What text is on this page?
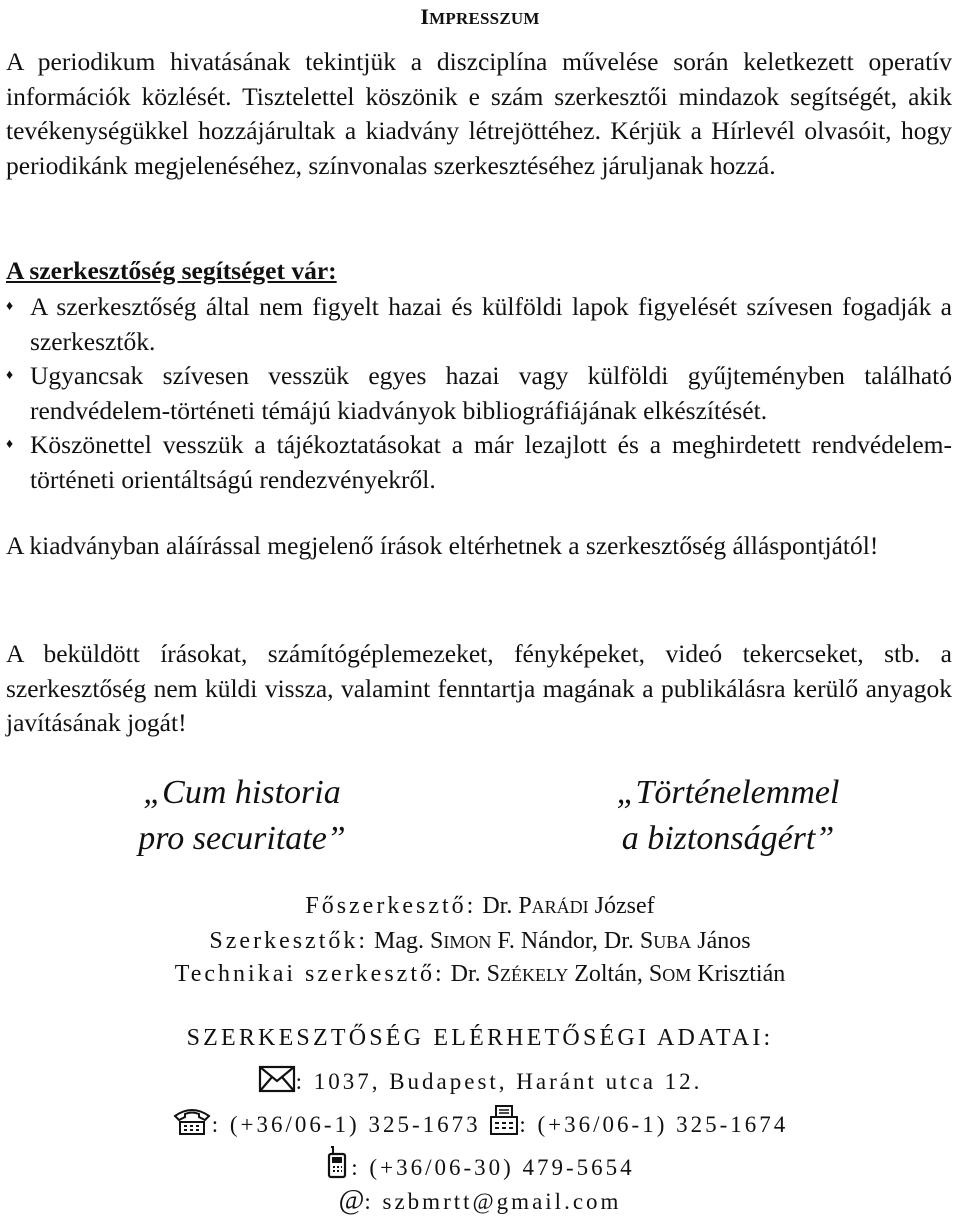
IMPRESSZUM

A periodikum hivatásának tekintjük a diszciplína művelése során keletkezett operatív információk közlését. Tisztelettel köszönik e szám szerkesztői mindazok segítségét, akik tevékenységükkel hozzájárultak a kiadvány létrejöttéhez. Kérjük a Hírlevél olvasóit, hogy periodikánk megjelenéséhez, színvonalas szerkesztéséhez járuljanak hozzá.

A szerkesztőség segítséget vár:
♦ A szerkesztőség által nem figyelt hazai és külföldi lapok figyelését szívesen fogadják a szerkesztők.
♦ Ugyancsak szívesen vesszük egyes hazai vagy külföldi gyűjteményben található rendvédelem-történeti témájú kiadványok bibliográfiájának elkészítését.
♦ Köszönettel vesszük a tájékoztatásokat a már lezajlott és a meghirdetett rendvédelem-történeti orientáltságú rendezvényekről.

A kiadványban aláírással megjelenő írások eltérhetnek a szerkesztőség álláspontjától!

A beküldött írásokat, számítógéplemezeket, fényképeket, videó tekercseket, stb. a szerkesztőség nem küldi vissza, valamint fenntartja magának a publikálásra kerülő anyagok javításának jogát!

„Cum historia
pro securitate”
„Történelemmel
a biztonságért”
Főszerkesztő: Dr. PARÁDI József
Szerkesztők: Mag. SIMON F. Nándor, Dr. SUBA János
Technikai szerkesztő: Dr. SZÉKELY Zoltán, SOM Krisztián
SZERKESZTŐSÉG ELÉRHETŐSÉGI ADATAI:
: 1037, Budapest, Haránt utca 12.
: (+36/06-1) 325-1673 : (+36/06-1) 325-1674
: (+36/06-30) 479-5654
@: szbmrtt@gmail.com
